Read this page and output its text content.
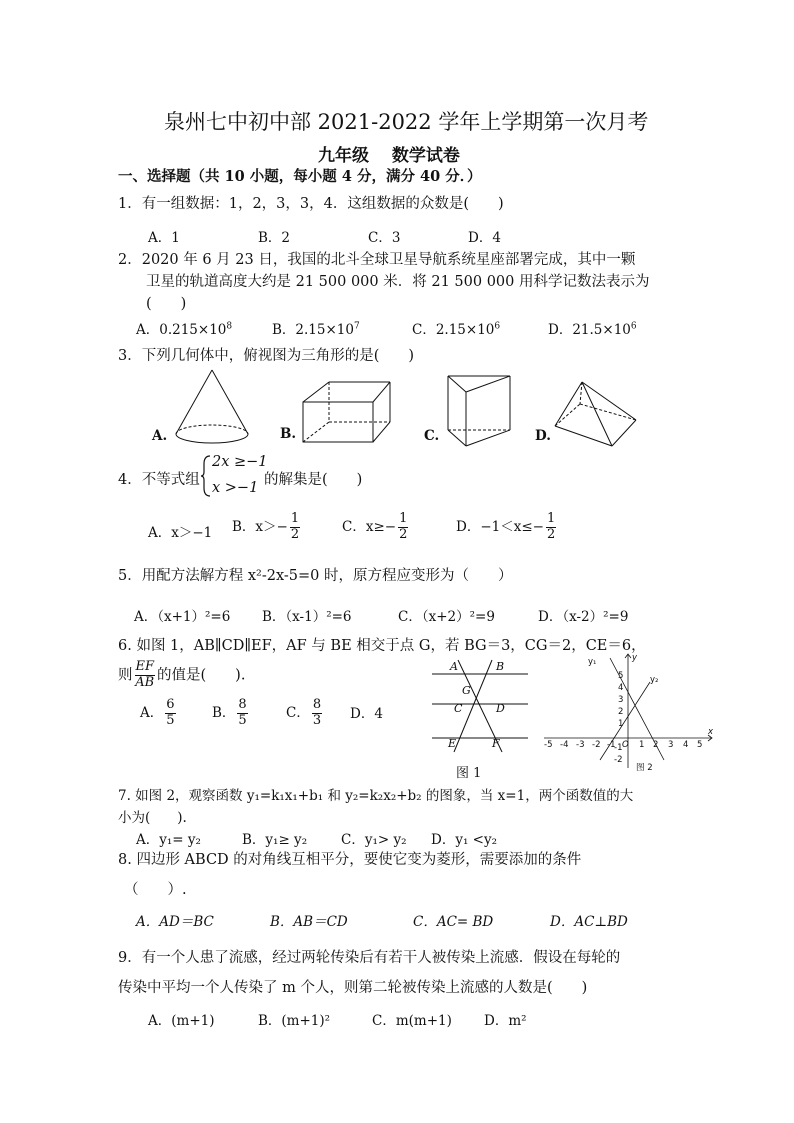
泉州七中初中部 2021-2022 学年上学期第一次月考
九年级　 数学试卷
一、选择题（共 10 小题，每小题 4 分，满分 40 分．）
1．有一组数据：1，2，3，3，4．这组数据的众数是(　　)
A．1	B．2	C．3	D．4
2．2020 年 6 月 23 日，我国的北斗全球卫星导航系统星座部署完成，其中一颗
卫星的轨道高度大约是 21 500 000 米．将 21 500 000 用科学记数法表示为
(　　)
A．$0.215\times 10^8$	B．$2.15\times 10^7$	C．$2.15\times 10^6$	D．$21.5\times 10^6$
3．下列几何体中，俯视图为三角形的是(　　)
A.	B.	C.	D.
4．不等式组
2x ≥−1
x >−1 的解集是(　　)
A．x＞−1 B．$x>- \frac{1}{2}$	C．$x\ge- \frac{1}{2}$	D．$-1<x\le- \frac{1}{2}$
5．用配方法解方程 x²-2x-5=0 时，原方程应变形为（　　）
A．（x+1）²=6 B．（x-1）²=6	C．（x+2）²=9	D．（x-2）²=9
6. 如图 1，AB∥CD∥EF，AF 与 BE 相交于点 G，若 BG＝3，CG＝2，CE＝6，
则 $\frac{EF}{AB}$ 的值是(　　).
A． $\frac{6}{5}$	B． $\frac{8}{5}$	C． $\frac{8}{3}$ D．4
A	B
G
C	D
E	F
图 1
y₁
y₂
y
x
5
4
3
2
1
-1
-2
-5 -4 -3 -2 -1 O 1 2 3 4 5
图 2
7. 如图 2，观察函数 y₁=k₁x₁+b₁ 和 y₂=k₂x₂+b₂ 的图象，当 x=1，两个函数值的大
小为(　　).
A．y₁= y₂	B．y₁≥ y₂	C．y₁> y₂ D．y₁ <y₂
8. 四边形 ABCD 的对角线互相平分，要使它变为菱形，需要添加的条件
（　　）.
A．AD＝BC	B．AB＝CD	C．AC= BD	D．AC⊥BD
9．有一个人患了流感，经过两轮传染后有若干人被传染上流感．假设在每轮的
传染中平均一个人传染了 m 个人，则第二轮被传染上流感的人数是(　　)
A．(m+1)	B．(m+1)²	C．m(m+1) D．m²
